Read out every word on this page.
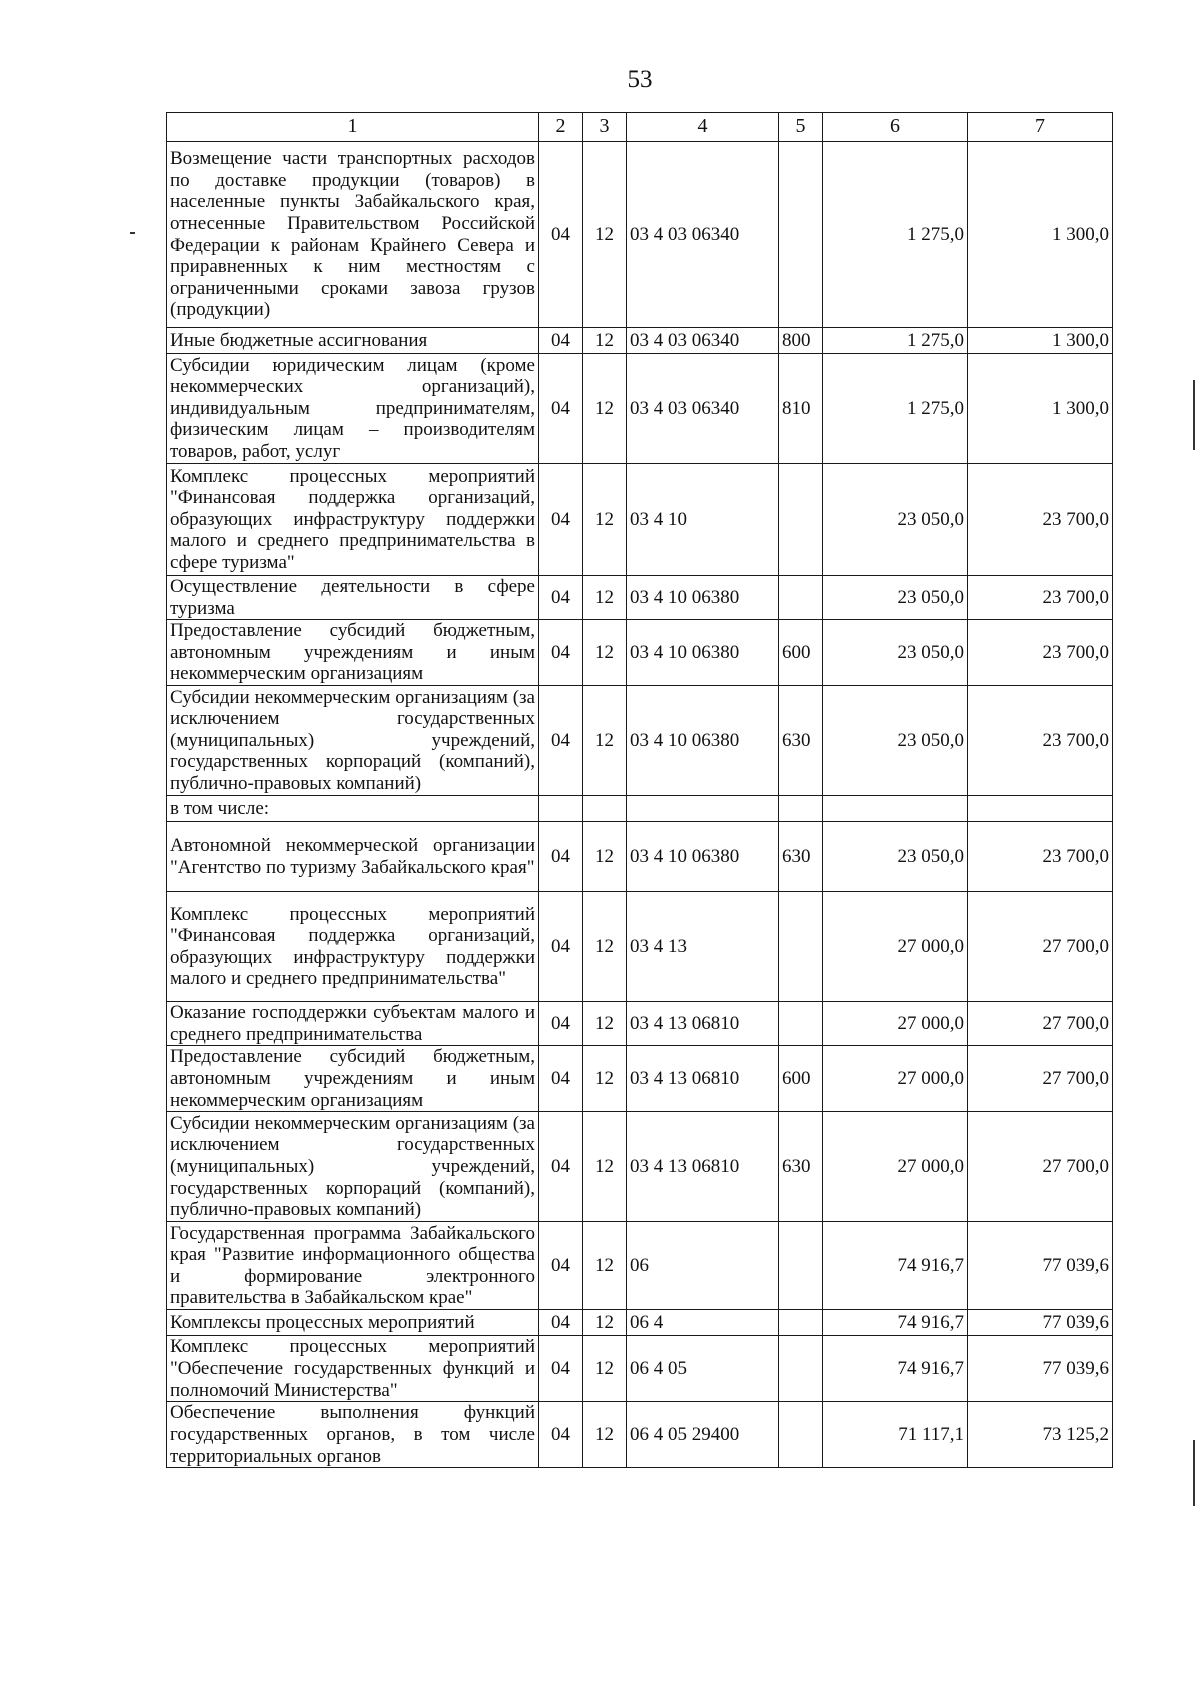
53
1	2	3	4	5	6	7
Возмещение части транспортных расходов по доставке продукции (товаров) в населенные пункты Забайкальского края, отнесенные Правительством Российской Федерации к районам Крайнего Севера и приравненных к ним местностям с ограниченными сроками завоза грузов (продукции)	04	12	03 4 03 06340		1 275,0	1 300,0
Иные бюджетные ассигнования	04	12	03 4 03 06340	800	1 275,0	1 300,0
Субсидии юридическим лицам (кроме некоммерческих организаций), индивидуальным предпринимателям, физическим лицам – производителям товаров, работ, услуг	04	12	03 4 03 06340	810	1 275,0	1 300,0
Комплекс процессных мероприятий "Финансовая поддержка организаций, образующих инфраструктуру поддержки малого и среднего предпринимательства в сфере туризма"	04	12	03 4 10		23 050,0	23 700,0
Осуществление деятельности в сфере туризма	04	12	03 4 10 06380		23 050,0	23 700,0
Предоставление субсидий бюджетным, автономным учреждениям и иным некоммерческим организациям	04	12	03 4 10 06380	600	23 050,0	23 700,0
Субсидии некоммерческим организациям (за исключением государственных (муниципальных) учреждений, государственных корпораций (компаний), публично-правовых компаний)	04	12	03 4 10 06380	630	23 050,0	23 700,0
в том числе:						
Автономной некоммерческой организации "Агентство по туризму Забайкальского края"	04	12	03 4 10 06380	630	23 050,0	23 700,0
Комплекс процессных мероприятий "Финансовая поддержка организаций, образующих инфраструктуру поддержки малого и среднего предпринимательства"	04	12	03 4 13		27 000,0	27 700,0
Оказание господдержки субъектам малого и среднего предпринимательства	04	12	03 4 13 06810		27 000,0	27 700,0
Предоставление субсидий бюджетным, автономным учреждениям и иным некоммерческим организациям	04	12	03 4 13 06810	600	27 000,0	27 700,0
Субсидии некоммерческим организациям (за исключением государственных (муниципальных) учреждений, государственных корпораций (компаний), публично-правовых компаний)	04	12	03 4 13 06810	630	27 000,0	27 700,0
Государственная программа Забайкальского края "Развитие информационного общества и формирование электронного правительства в Забайкальском крае"	04	12	06		74 916,7	77 039,6
Комплексы процессных мероприятий	04	12	06 4		74 916,7	77 039,6
Комплекс процессных мероприятий "Обеспечение государственных функций и полномочий Министерства"	04	12	06 4 05		74 916,7	77 039,6
Обеспечение выполнения функций государственных органов, в том числе территориальных органов	04	12	06 4 05 29400		71 117,1	73 125,2
